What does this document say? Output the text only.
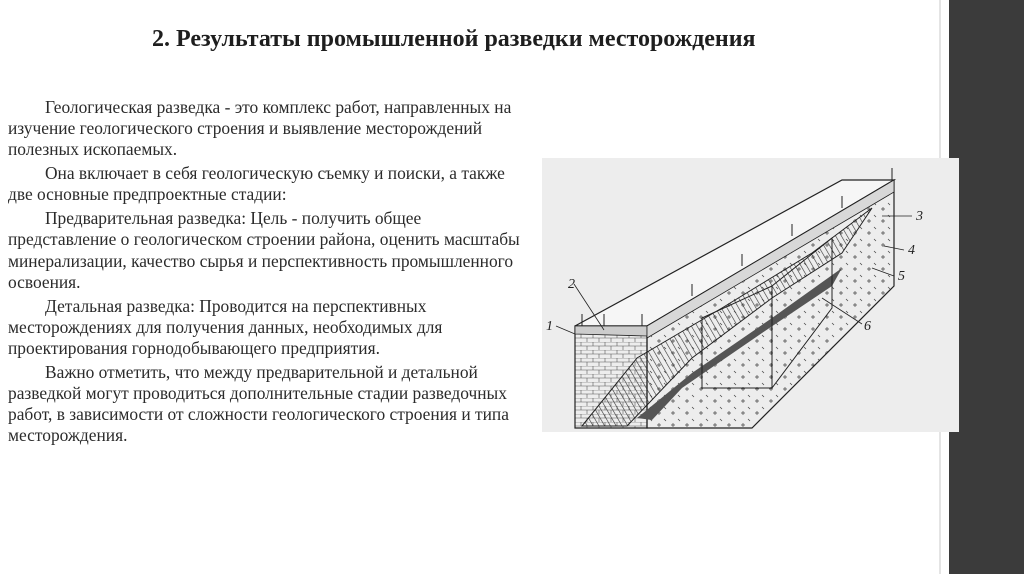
2. Результаты промышленной разведки месторождения

Геологическая разведка - это комплекс работ, направленных на изучение геологического строения и выявление месторождений полезных ископаемых.

Она включает в себя геологическую съемку и поиски, а также две основные предпроектные стадии:

Предварительная разведка: Цель - получить общее представление о геологическом строении района, оценить масштабы минерализации, качество сырья и перспективность промышленного освоения.

Детальная разведка: Проводится на перспективных месторождениях для получения данных, необходимых для проектирования горнодобывающего предприятия.

Важно отметить, что между предварительной и детальной разведкой могут проводиться дополнительные стадии разведочных работ, в зависимости от сложности геологического строения и типа месторождения.

1
2
3
4
5
6
